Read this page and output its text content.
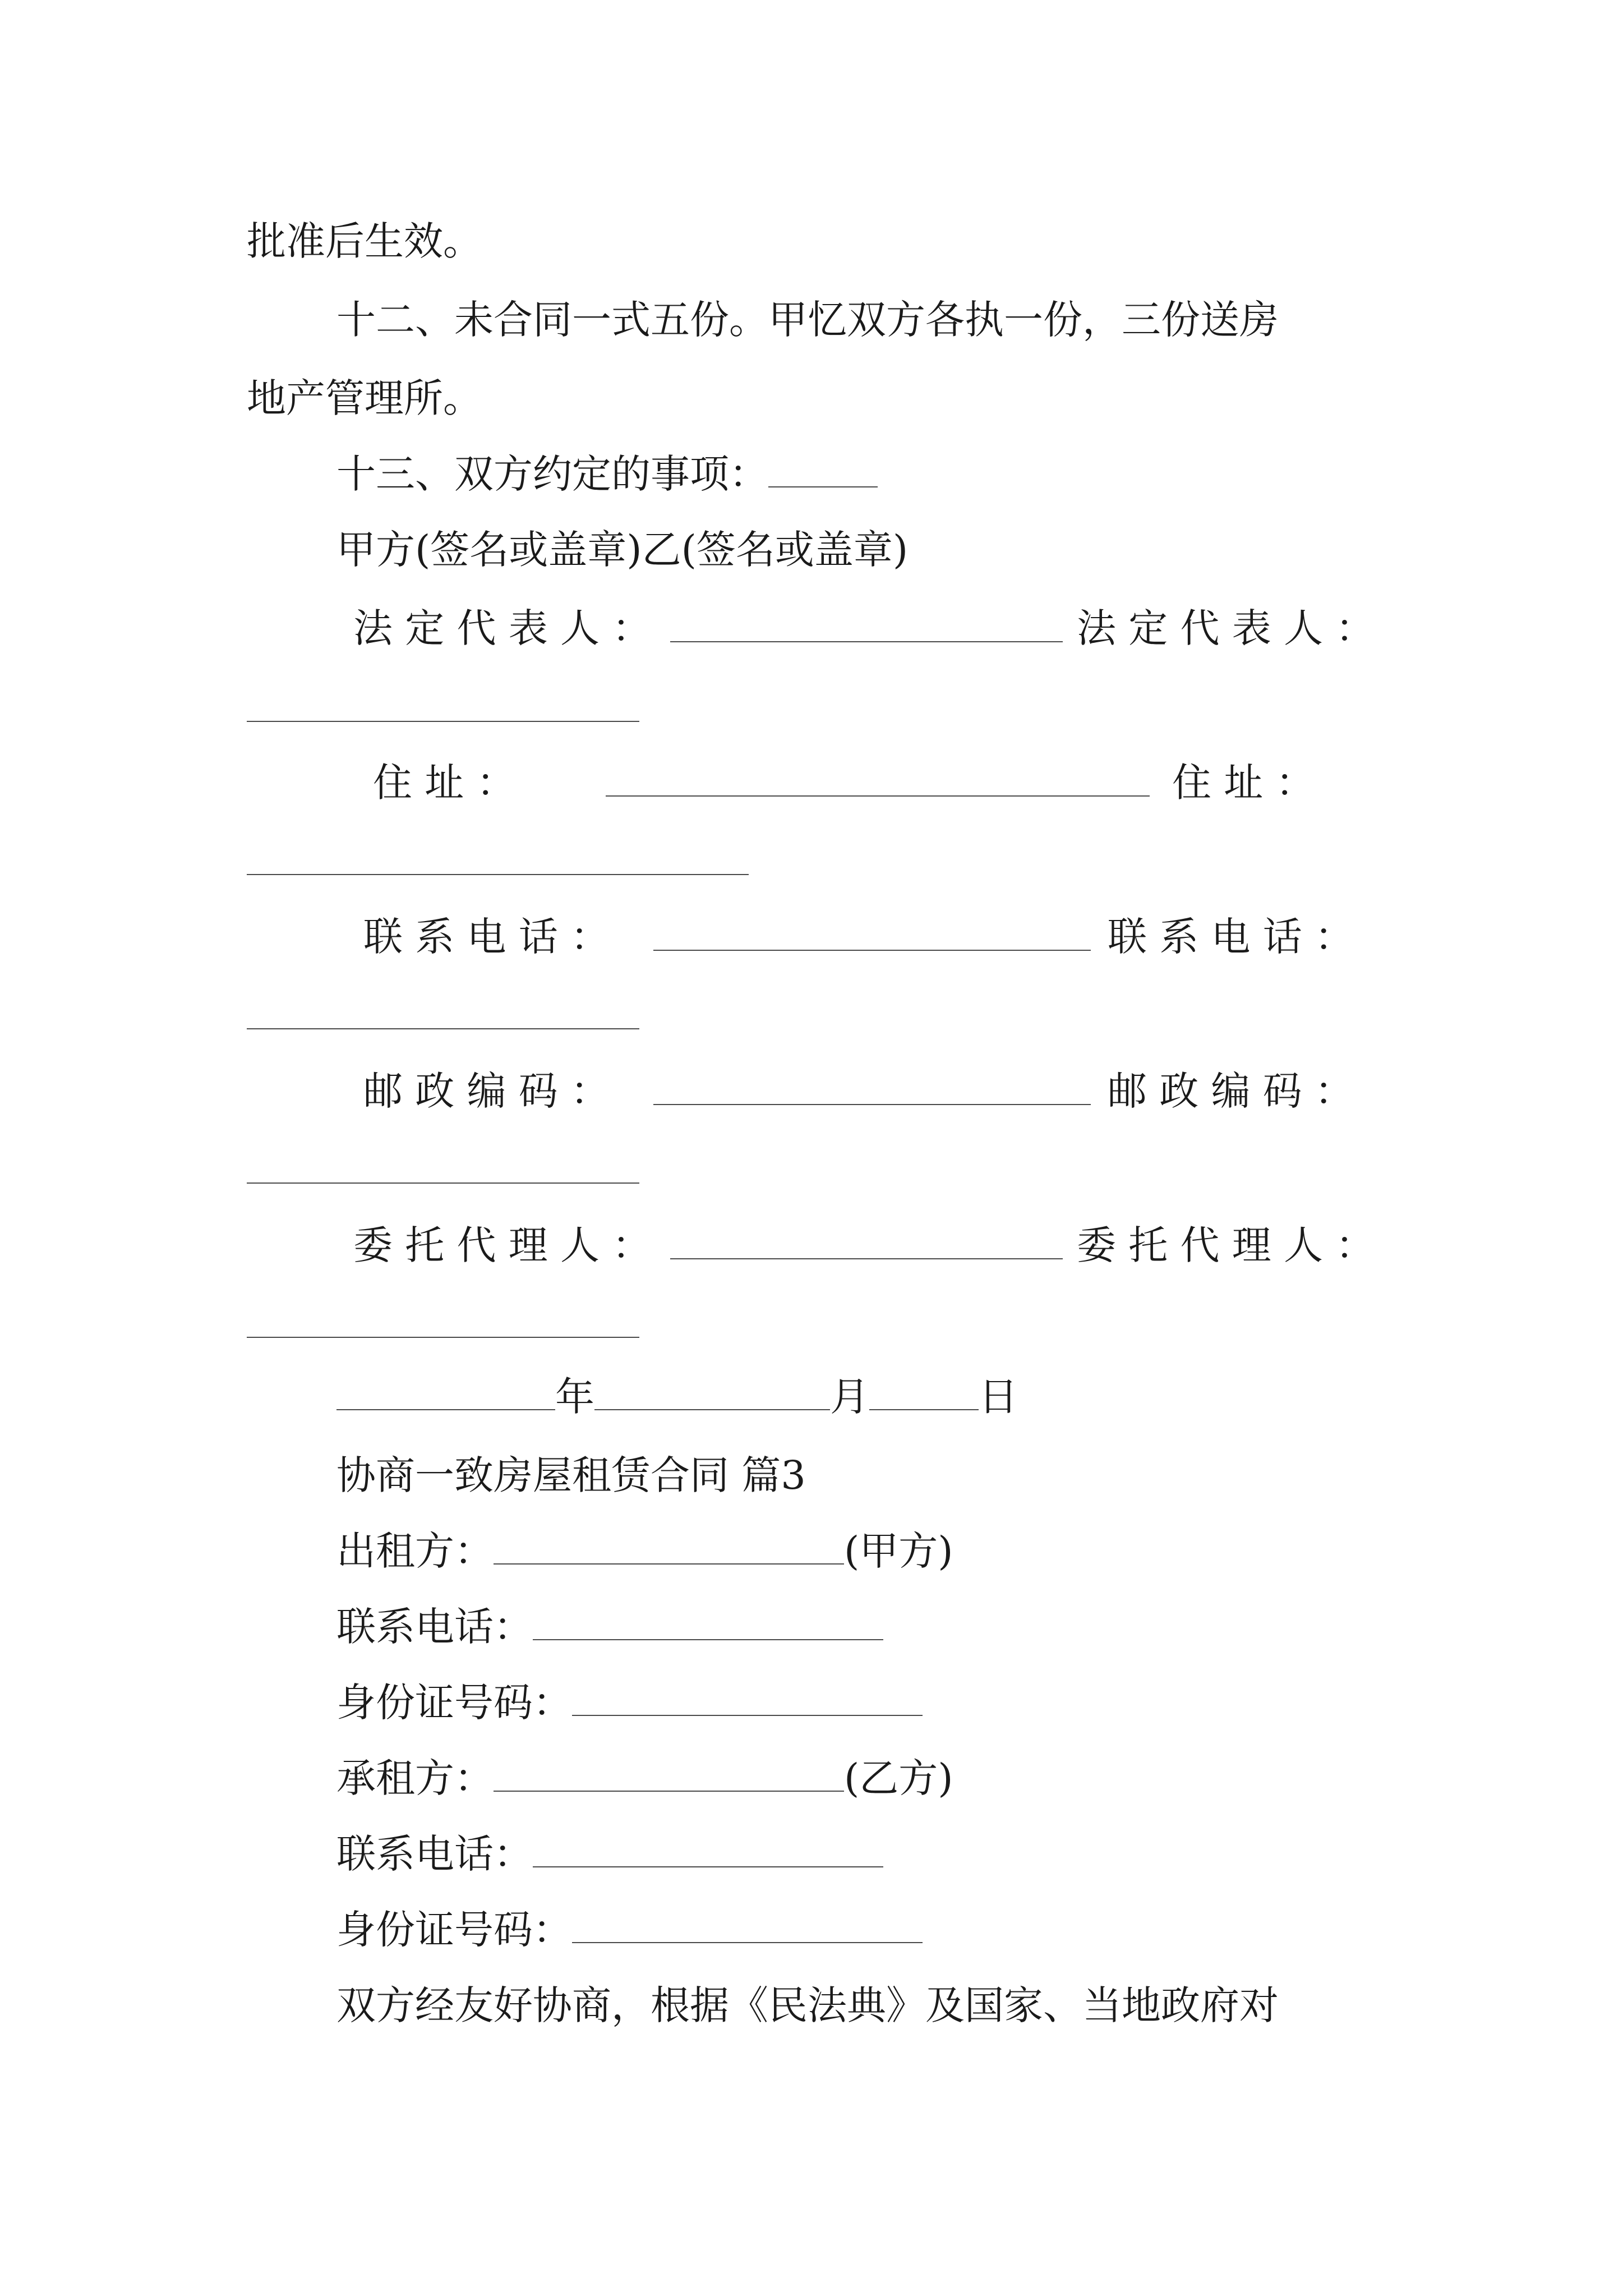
批准后生效。
十二、未合同一式五份。甲忆双方各执一份，三份送房
地产管理所。
十三、双方约定的事项：
甲方(签名或盖章)乙(签名或盖章)
法 定 代 表 人 ：	法 定 代 表 人 ：
住 址 ：	住 址 ：
联 系 电 话 ：	联 系 电 话 ：
邮 政 编 码 ：	邮 政 编 码 ：
委 托 代 理 人 ：	委 托 代 理 人 ：
年	月	日
协商一致房屋租赁合同 篇3
出租方：	(甲方)
联系电话：
身份证号码：
承租方：	(乙方)
联系电话：
身份证号码：
双方经友好协商，根据《民法典》及国家、当地政府对
